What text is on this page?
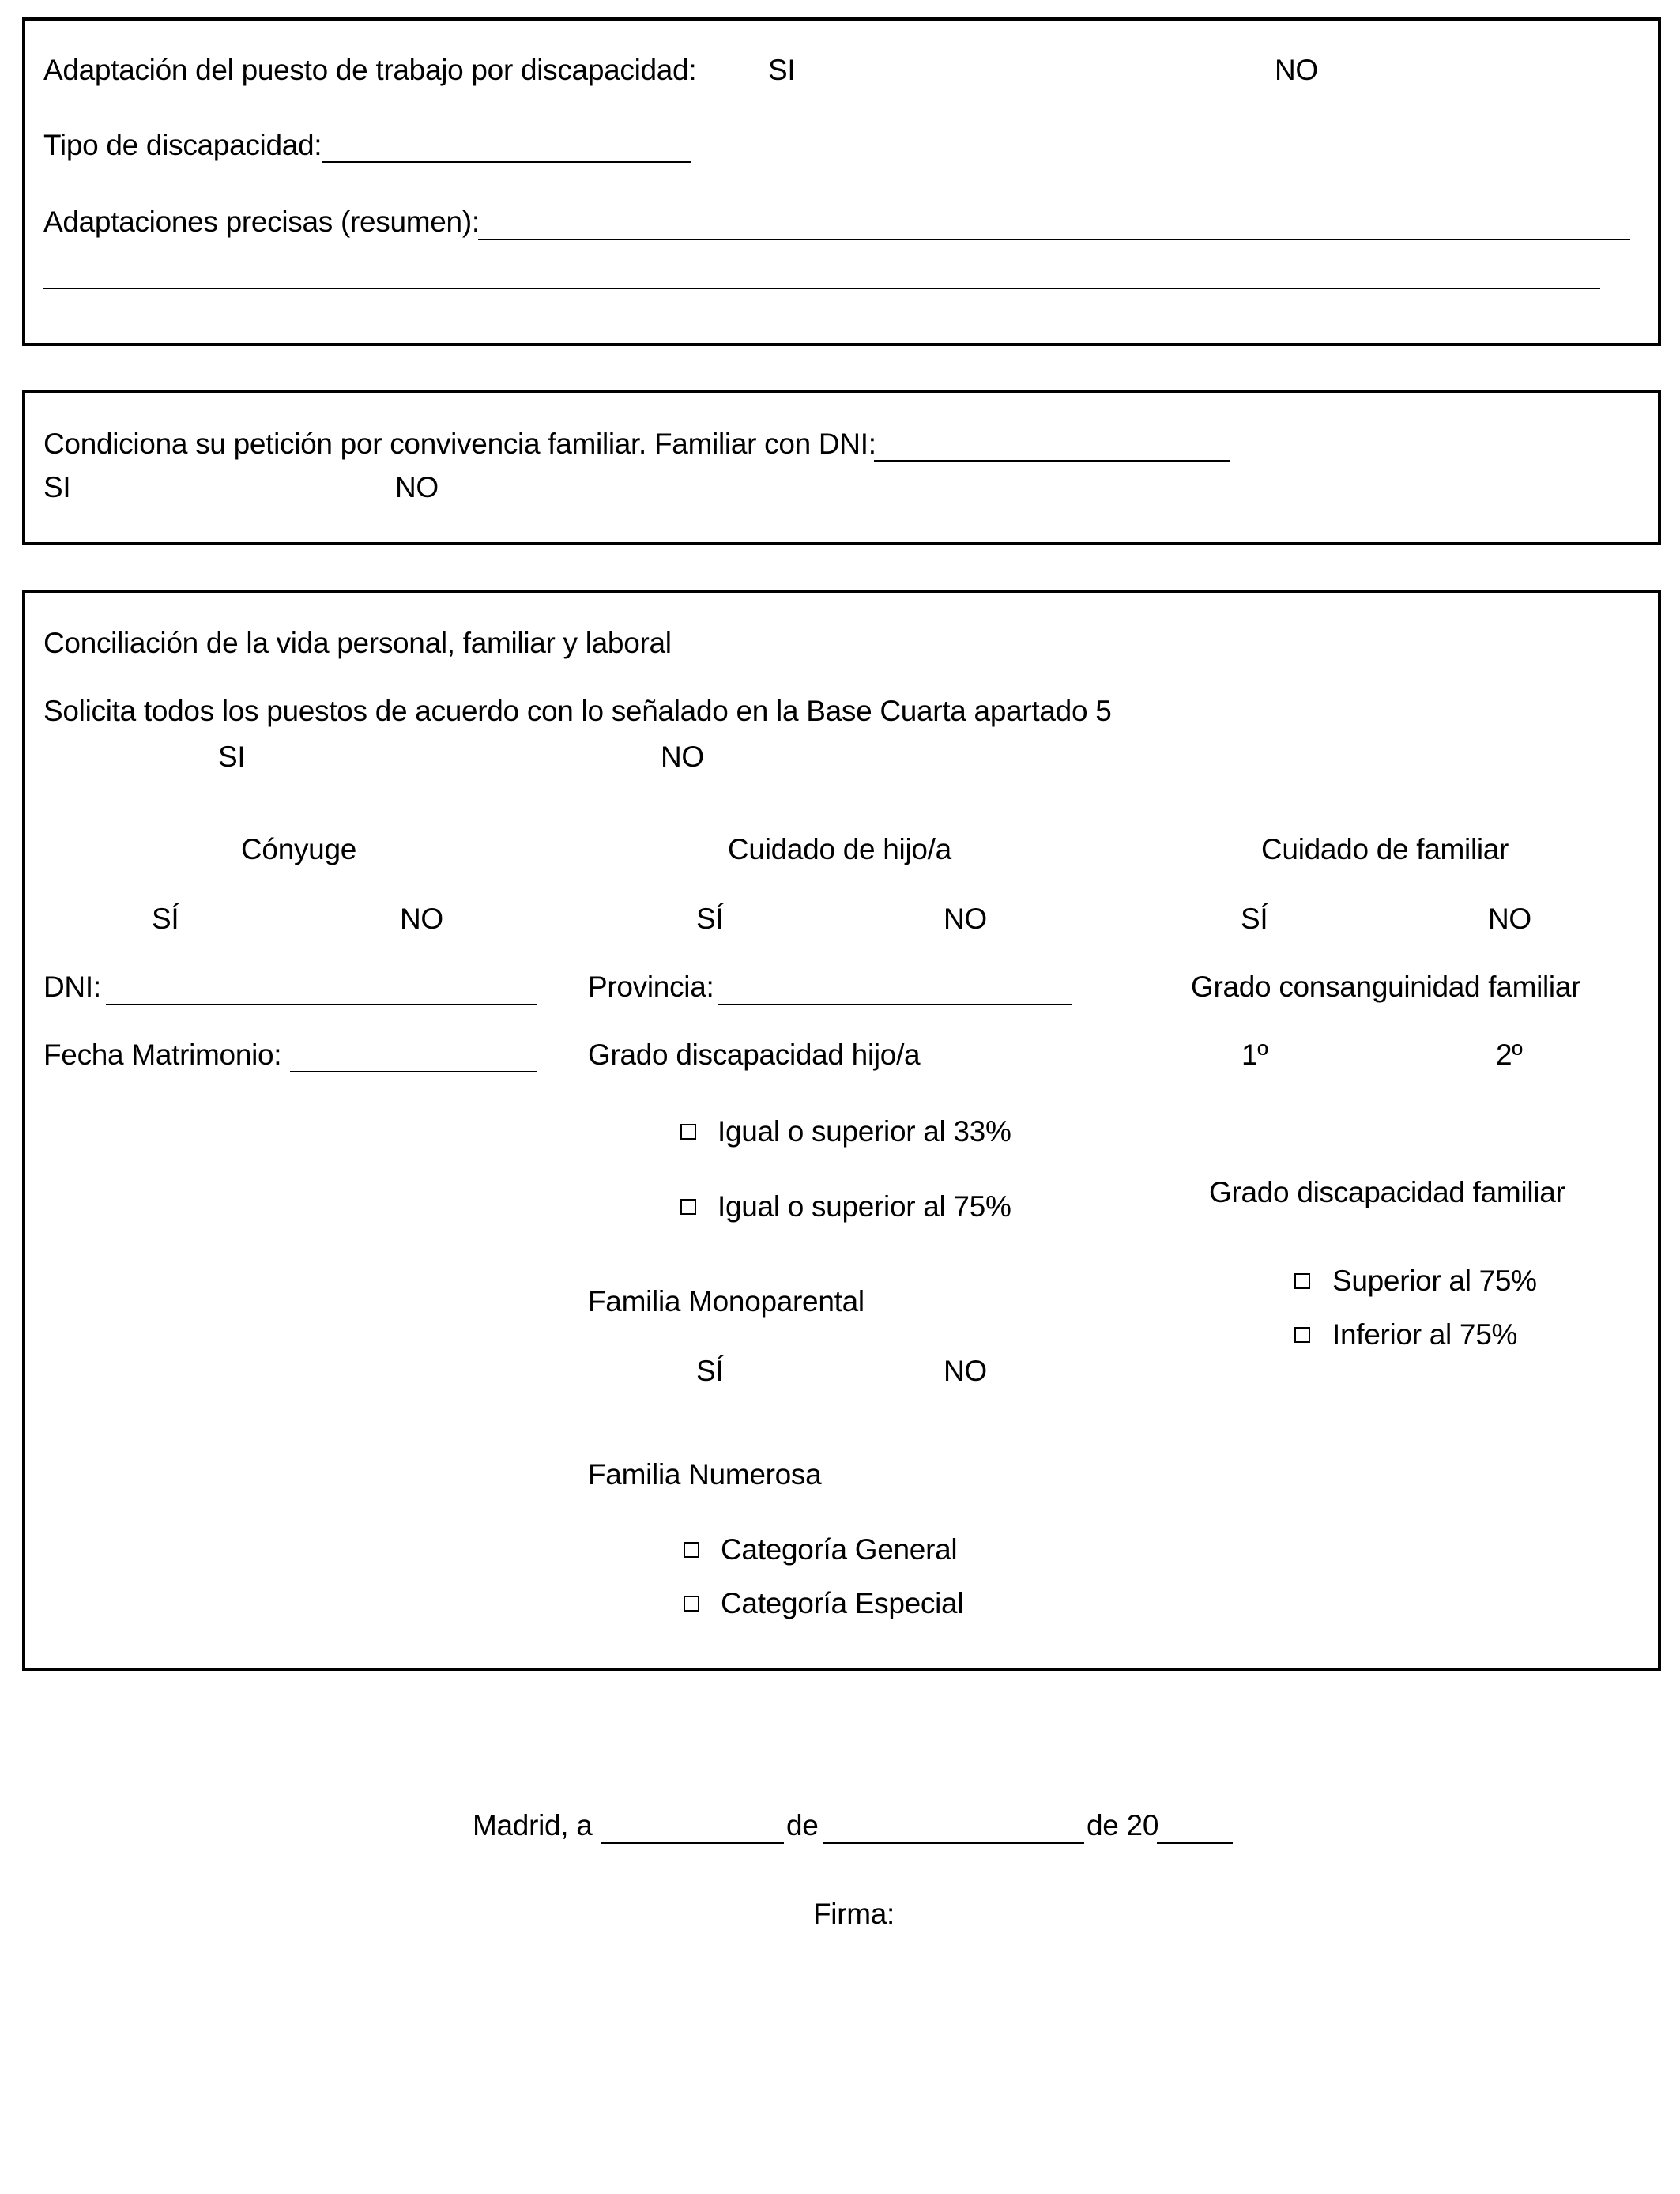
Adaptación del puesto de trabajo por discapacidad: SI	NO
Tipo de discapacidad:
Adaptaciones precisas (resumen):
Condiciona su petición por convivencia familiar. Familiar con DNI:
SI	NO
Conciliación de la vida personal, familiar y laboral
Solicita todos los puestos de acuerdo con lo señalado en la Base Cuarta apartado 5
SI	NO
Cónyuge
SÍ	NO
DNI:
Fecha Matrimonio:
Cuidado de hijo/a
SÍ	NO
Provincia:
Grado discapacidad hijo/a
Igual o superior al 33%
Igual o superior al 75%
Familia Monoparental
SÍ	NO
Familia Numerosa
Categoría General
Categoría Especial
Cuidado de familiar
SÍ	NO
Grado consanguinidad familiar
1º	2º
Grado discapacidad familiar
Superior al 75%
Inferior al 75%
Madrid, a	de	de 20
Firma:
